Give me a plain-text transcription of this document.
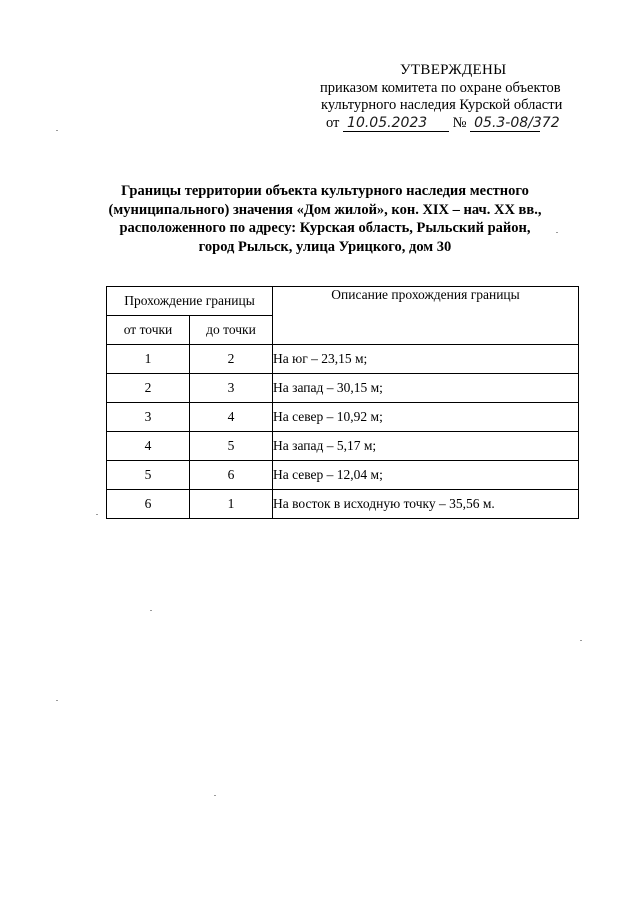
УТВЕРЖДЕНЫ
приказом комитета по охране объектов
культурного наследия Курской области
от 10.05.2023 № 05.3-08/372
Границы территории объекта культурного наследия местного
(муниципального) значения «Дом жилой», кон. XIX – нач. XX вв.,
расположенного по адресу: Курская область, Рыльский район,
город Рыльск, улица Урицкого, дом 30
Прохождение границы		Описание прохождения границы
от точки	до точки	
1	2	На юг – 23,15 м;
2	3	На запад – 30,15 м;
3	4	На север – 10,92 м;
4	5	На запад – 5,17 м;
5	6	На север – 12,04 м;
6	1	На восток в исходную точку – 35,56 м.
